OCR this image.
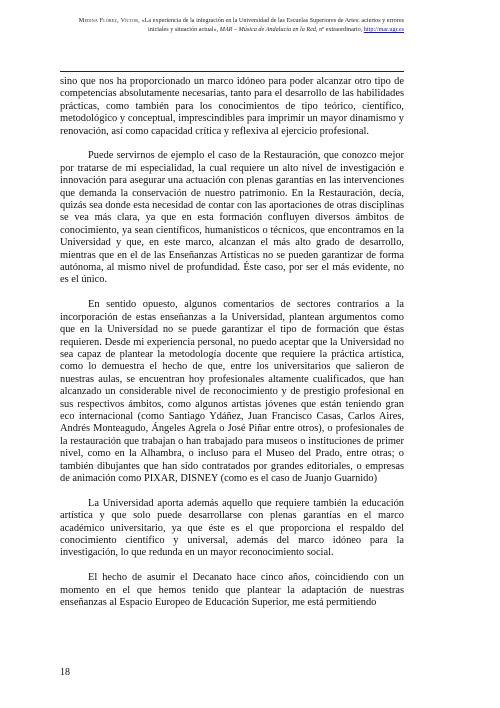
Medina Flórez, Víctor, «La experiencia de la integración en la Universidad de las Escuelas Superiores de Artes: aciertos y errores iniciales y situación actual», MAR – Música de Andalucía en la Red, nº extraordinario, http://mar.ugr.es

sino que nos ha proporcionado un marco idóneo para poder alcanzar otro tipo de competencias absolutamente necesarias, tanto para el desarrollo de las habilidades prácticas, como también para los conocimientos de tipo teórico, científico, metodológico y conceptual, imprescindibles para imprimir un mayor dinamismo y renovación, así como capacidad crítica y reflexiva al ejercicio profesional.

Puede servirnos de ejemplo el caso de la Restauración, que conozco mejor por tratarse de mi especialidad, la cual requiere un alto nivel de investigación e innovación para asegurar una actuación con plenas garantías en las intervenciones que demanda la conservación de nuestro patrimonio. En la Restauración, decía, quizás sea donde esta necesidad de contar con las aportaciones de otras disciplinas se vea más clara, ya que en esta formación confluyen diversos ámbitos de conocimiento, ya sean científicos, humanísticos o técnicos, que encontramos en la Universidad y que, en este marco, alcanzan el más alto grado de desarrollo, mientras que en el de las Enseñanzas Artísticas no se pueden garantizar de forma autónoma, al mismo nivel de profundidad. Éste caso, por ser el más evidente, no es el único.

En sentido opuesto, algunos comentarios de sectores contrarios a la incorporación de estas enseñanzas a la Universidad, plantean argumentos como que en la Universidad no se puede garantizar el tipo de formación que éstas requieren. Desde mi experiencia personal, no puedo aceptar que la Universidad no sea capaz de plantear la metodología docente que requiere la práctica artística, como lo demuestra el hecho de que, entre los universitarios que salieron de nuestras aulas, se encuentran hoy profesionales altamente cualificados, que han alcanzado un considerable nivel de reconocimiento y de prestigio profesional en sus respectivos ámbitos, como algunos artistas jóvenes que están teniendo gran eco internacional (como Santiago Ydáñez, Juan Francisco Casas, Carlos Aires, Andrés Monteagudo, Ángeles Agrela o José Piñar entre otros), o profesionales de la restauración que trabajan o han trabajado para museos o instituciones de primer nivel, como en la Alhambra, o incluso para el Museo del Prado, entre otras; o también dibujantes que han sido contratados por grandes editoriales, o empresas de animación como PIXAR, DISNEY (como es el caso de Juanjo Guarnido)

La Universidad aporta además aquello que requiere también la educación artística y que solo puede desarrollarse con plenas garantías en el marco académico universitario, ya que éste es el que proporciona el respaldo del conocimiento científico y universal, además del marco idóneo para la investigación, lo que redunda en un mayor reconocimiento social.

El hecho de asumir el Decanato hace cinco años, coincidiendo con un momento en el que hemos tenido que plantear la adaptación de nuestras enseñanzas al Espacio Europeo de Educación Superior, me está permitiendo

18
